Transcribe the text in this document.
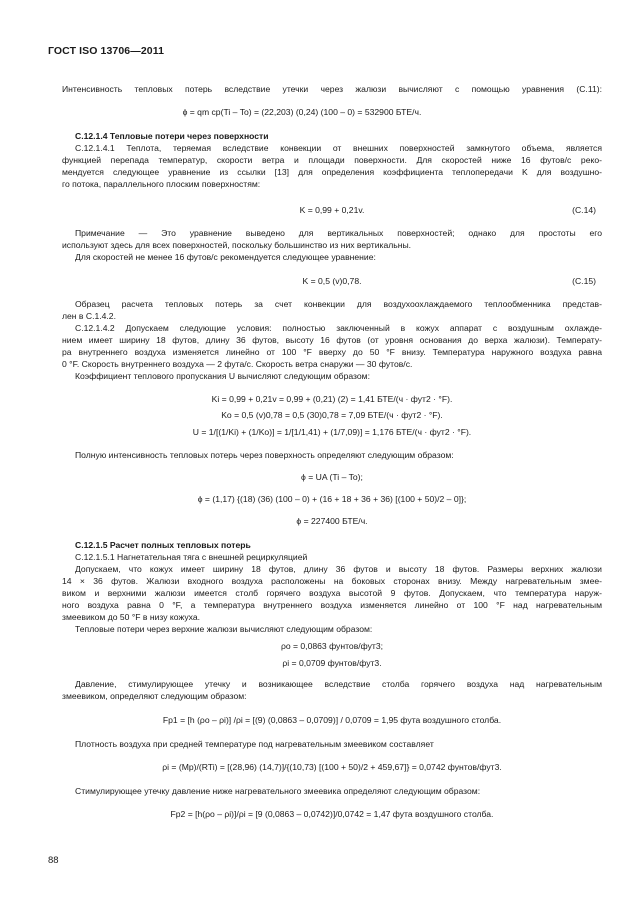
ГОСТ ISO 13706—2011
Интенсивность тепловых потерь вследствие утечки через жалюзи вычисляют с помощью уравнения (С.11):
ϕ = qm cp(Ti – To) = (22,203) (0,24) (100 – 0) = 532900 БТЕ/ч.
С.12.1.4 Тепловые потери через поверхности
С.12.1.4.1 Теплота, теряемая вследствие конвекции от внешних поверхностей замкнутого объема, является
функцией перепада температур, скорости ветра и площади поверхности. Для скоростей ниже 16 футов/с реко-
мендуется следующее уравнение из ссылки [13] для определения коэффициента теплопередачи K для воздушно-
го потока, параллельного плоским поверхностям:
K = 0,99 + 0,21v.	(C.14)
Примечание — Это уравнение выведено для вертикальных поверхностей; однако для простоты его
используют здесь для всех поверхностей, поскольку большинство из них вертикальны.
Для скоростей не менее 16 футов/с рекомендуется следующее уравнение:
K = 0,5 (v)0,78.	(C.15)
Образец расчета тепловых потерь за счет конвекции для воздухоохлаждаемого теплообменника представ-
лен в С.1.4.2.
С.12.1.4.2 Допускаем следующие условия: полностью заключенный в кожух аппарат с воздушным охлажде-
нием имеет ширину 18 футов, длину 36 футов, высоту 16 футов (от уровня основания до верха жалюзи). Температу-
ра внутреннего воздуха изменяется линейно от 100 °F вверху до 50 °F внизу. Температура наружного воздуха равна
0 °F. Скорость внутреннего воздуха — 2 фута/с. Скорость ветра снаружи — 30 футов/с.
Коэффициент теплового пропускания U вычисляют следующим образом:
Ki = 0,99 + 0,21v = 0,99 + (0,21) (2) = 1,41 БТЕ/(ч · фут2 · °F).
Ko = 0,5 (v)0,78 = 0,5 (30)0,78 = 7,09 БТЕ/(ч · фут2 · °F).
U = 1/[(1/Ki) + (1/Ko)] = 1/[1/1,41) + (1/7,09)] = 1,176 БТЕ/(ч · фут2 · °F).
Полную интенсивность тепловых потерь через поверхность определяют следующим образом:
ϕ = UA (Ti – To);
ϕ = (1,17) {(18) (36) (100 – 0) + (16 + 18 + 36 + 36) [(100 + 50)/2 – 0]};
ϕ = 227400 БТЕ/ч.
С.12.1.5 Расчет полных тепловых потерь
С.12.1.5.1 Нагнетательная тяга с внешней рециркуляцией
Допускаем, что кожух имеет ширину 18 футов, длину 36 футов и высоту 18 футов. Размеры верхних жалюзи
14 × 36 футов. Жалюзи входного воздуха расположены на боковых сторонах внизу. Между нагревательным змее-
виком и верхними жалюзи имеется столб горячего воздуха высотой 9 футов. Допускаем, что температура наруж-
ного воздуха равна 0 °F, а температура внутреннего воздуха изменяется линейно от 100 °F над нагревательным
змеевиком до 50 °F в низу кожуха.
Тепловые потери через верхние жалюзи вычисляют следующим образом:
ρo = 0,0863 фунтов/фут3;
ρi = 0,0709 фунтов/фут3.
Давление, стимулирующее утечку и возникающее вследствие столба горячего воздуха над нагревательным
змеевиком, определяют следующим образом:
Fp1 = [h (ρo – ρi)] /ρi = [(9) (0,0863 – 0,0709)] / 0,0709 = 1,95 фута воздушного столба.
Плотность воздуха при средней температуре под нагревательным змеевиком составляет
ρi = (Mp)/(RTi) = [(28,96) (14,7)]/{(10,73) [(100 + 50)/2 + 459,67]} = 0,0742 фунтов/фут3.
Стимулирующее утечку давление ниже нагревательного змеевика определяют следующим образом:
Fp2 = [h(ρo – ρi)]/ρi = [9 (0,0863 – 0,0742)]/0,0742 = 1,47 фута воздушного столба.
88
